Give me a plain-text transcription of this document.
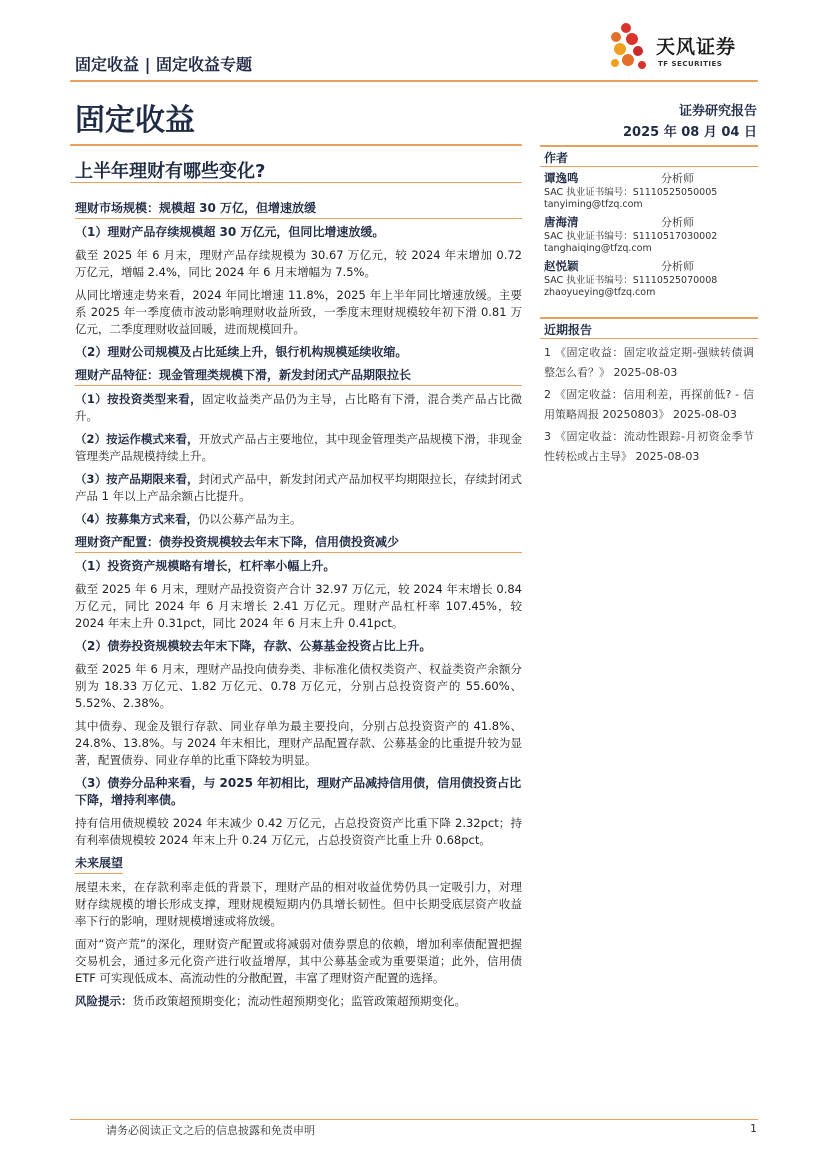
固定收益 | 固定收益专题
天风证券
TF SECURITIES
固定收益	证券研究报告
2025 年 08 月 04 日
上半年理财有哪些变化?
理财市场规模：规模超 30 万亿，但增速放缓
（1）理财产品存续规模超 30 万亿元，但同比增速放缓。

截至 2025 年 6 月末，理财产品存续规模为 30.67 万亿元，较 2024 年末增加 0.72 万亿元，增幅 2.4%，同比 2024 年 6 月末增幅为 7.5%。

从同比增速走势来看，2024 年同比增速 11.8%，2025 年上半年同比增速放缓。主要系 2025 年一季度债市波动影响理财收益所致，一季度末理财规模较年初下滑 0.81 万亿元，二季度理财收益回暖，进而规模回升。

（2）理财公司规模及占比延续上升，银行机构规模延续收缩。
理财产品特征：现金管理类规模下滑，新发封闭式产品期限拉长

（1）按投资类型来看，固定收益类产品仍为主导，占比略有下滑，混合类产品占比微升。

（2）按运作模式来看，开放式产品占主要地位，其中现金管理类产品规模下滑，非现金管理类产品规模持续上升。

（3）按产品期限来看，封闭式产品中，新发封闭式产品加权平均期限拉长，存续封闭式产品 1 年以上产品余额占比提升。

（4）按募集方式来看，仍以公募产品为主。

理财资产配置：债券投资规模较去年末下降，信用债投资减少
（1）投资资产规模略有增长，杠杆率小幅上升。

截至 2025 年 6 月末，理财产品投资资产合计 32.97 万亿元，较 2024 年末增长 0.84 万亿元，同比 2024 年 6 月末增长 2.41 万亿元。理财产品杠杆率 107.45%，较 2024 年末上升 0.31pct，同比 2024 年 6 月末上升 0.41pct。

（2）债券投资规模较去年末下降，存款、公募基金投资占比上升。

截至 2025 年 6 月末，理财产品投向债券类、非标准化债权类资产、权益类资产余额分别为 18.33 万亿元、1.82 万亿元、0.78 万亿元，分别占总投资资产的 55.60%、5.52%、2.38%。

其中债券、现金及银行存款、同业存单为最主要投向，分别占总投资资产的 41.8%、24.8%、13.8%。与 2024 年末相比，理财产品配置存款、公募基金的比重提升较为显著，配置债券、同业存单的比重下降较为明显。

（3）债券分品种来看，与 2025 年初相比，理财产品减持信用债，信用债投资占比下降，增持利率债。

持有信用债规模较 2024 年末减少 0.42 万亿元，占总投资资产比重下降 2.32pct；持有利率债规模较 2024 年末上升 0.24 万亿元，占总投资资产比重上升 0.68pct。

未来展望

展望未来，在存款利率走低的背景下，理财产品的相对收益优势仍具一定吸引力，对理财存续规模的增长形成支撑，理财规模短期内仍具增长韧性。但中长期受底层资产收益率下行的影响，理财规模增速或将放缓。

面对“资产荒”的深化，理财资产配置或将减弱对债券票息的依赖，增加利率债配置把握交易机会，通过多元化资产进行收益增厚，其中公募基金或为重要渠道；此外，信用债 ETF 可实现低成本、高流动性的分散配置，丰富了理财资产配置的选择。

风险提示：货币政策超预期变化；流动性超预期变化；监管政策超预期变化。

作者
谭逸鸣	分析师
SAC 执业证书编号：S1110525050005
tanyiming@tfzq.com
唐海清	分析师
SAC 执业证书编号：S1110517030002
tanghaiqing@tfzq.com
赵悦颖	分析师
SAC 执业证书编号：S1110525070008
zhaoyueying@tfzq.com
近期报告
1 《固定收益：固定收益定期-强赎转债调整怎么看？》 2025-08-03
2 《固定收益：信用利差，再探前低? - 信用策略周报 20250803》 2025-08-03
3 《固定收益：流动性跟踪-月初资金季节性转松或占主导》 2025-08-03
请务必阅读正文之后的信息披露和免责申明	1
